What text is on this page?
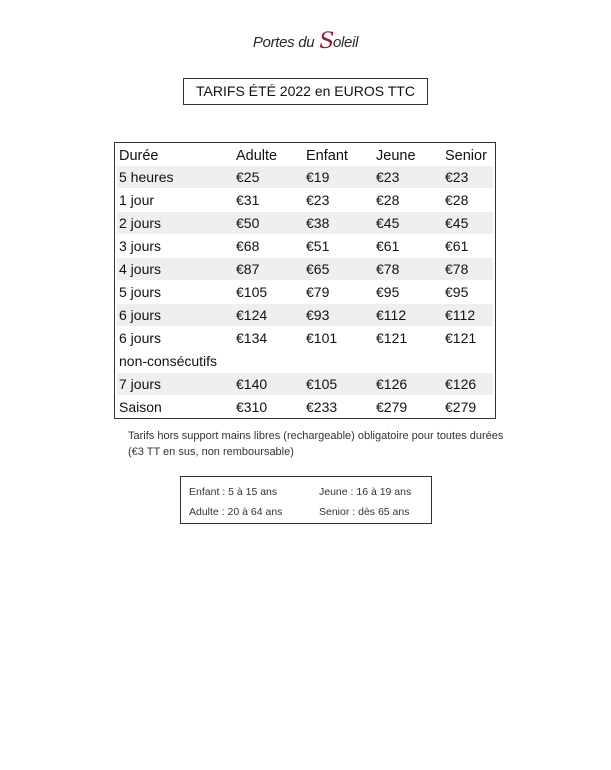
Portes du Soleil
TARIFS ÉTÉ 2022 en EUROS TTC
Durée	Adulte Enfant Jeune Senior
5 heures	€25	€19	€23	€23
1 jour	€31	€23	€28	€28
2 jours	€50	€38	€45	€45
3 jours	€68	€51	€61	€61
4 jours	€87	€65	€78	€78
5 jours	€105	€79	€95	€95
6 jours	€124	€93	€112	€112
6 jours	€134	€101	€121	€121
non-consécutifs
7 jours	€140	€105	€126	€126
Saison	€310	€233	€279	€279
Tarifs hors support mains libres (rechargeable) obligatoire pour toutes durées (€3 TT en sus, non remboursable)
Enfant : 5 à 15 ans	Jeune : 16 à 19 ans
Adulte : 20 à 64 ans	Senior : dès 65 ans
